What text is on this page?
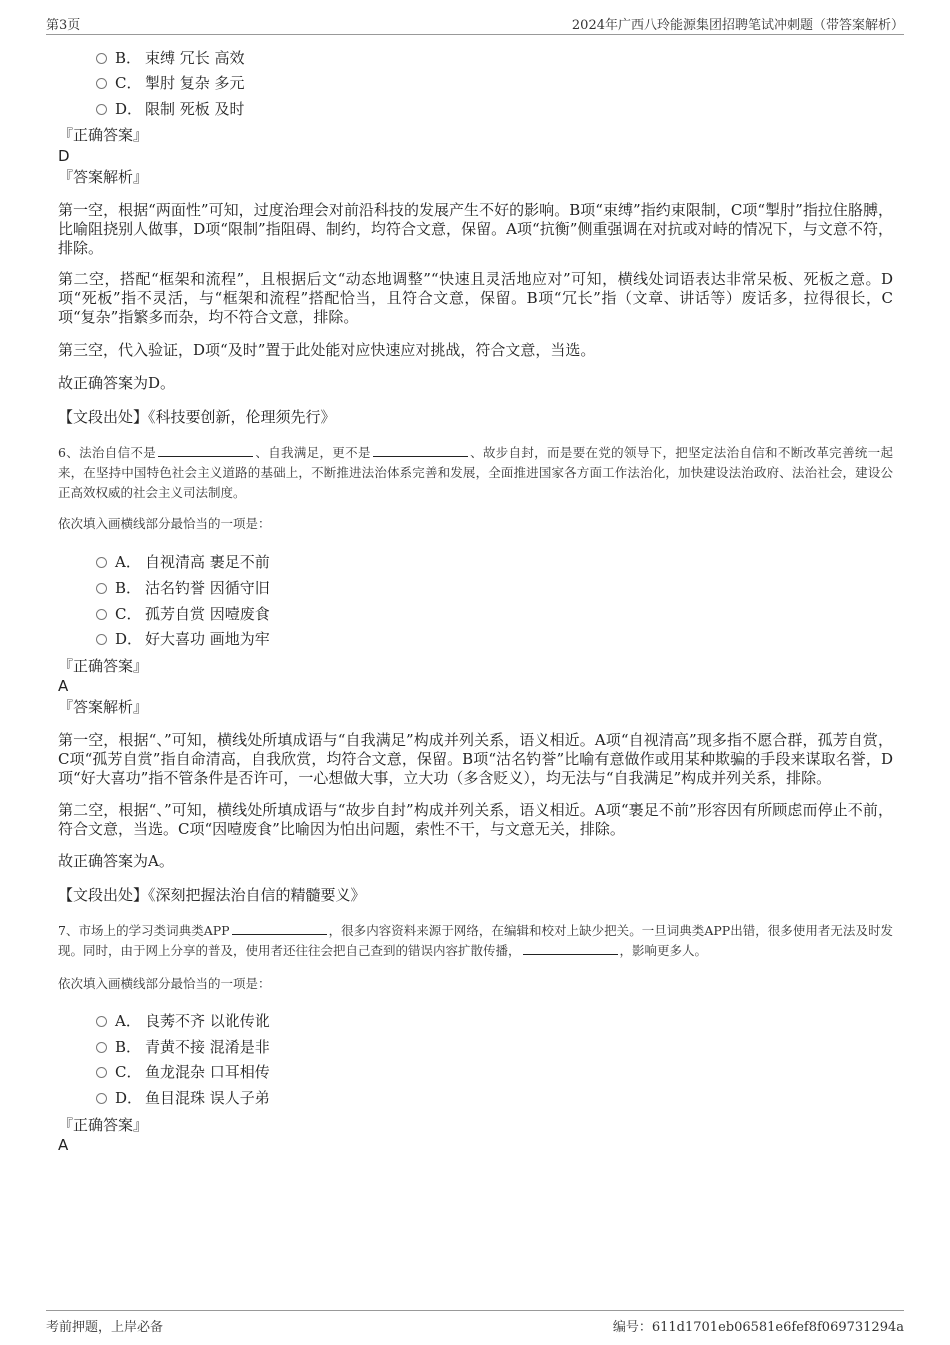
第3页	2024年广西八玲能源集团招聘笔试冲刺题（带答案解析）
B． 束缚 冗长 高效
C． 掣肘 复杂 多元
D． 限制 死板 及时
『正确答案』
D
『答案解析』
第一空，根据“两面性”可知，过度治理会对前沿科技的发展产生不好的影响。B项“束缚”指约束限制，C项“掣肘”指拉住胳膊，比喻阻挠别人做事，D项“限制”指阻碍、制约，均符合文意，保留。A项“抗衡”侧重强调在对抗或对峙的情况下，与文意不符，排除。
第二空，搭配“框架和流程”，且根据后文“动态地调整”“快速且灵活地应对”可知，横线处词语表达非常呆板、死板之意。D项“死板”指不灵活，与“框架和流程”搭配恰当，且符合文意，保留。B项“冗长”指（文章、讲话等）废话多，拉得很长，C项“复杂”指繁多而杂，均不符合文意，排除。
第三空，代入验证，D项“及时”置于此处能对应快速应对挑战，符合文意，当选。
故正确答案为D。
【文段出处】《科技要创新，伦理须先行》
6、法治自信不是	、自我满足，更不是	、故步自封，而是要在党的领导下，把坚定法治自信和不断改革完善统一起来，在坚持中国特色社会主义道路的基础上，不断推进法治体系完善和发展，全面推进国家各方面工作法治化，加快建设法治政府、法治社会，建设公正高效权威的社会主义司法制度。
依次填入画横线部分最恰当的一项是：
A． 自视清高 裹足不前
B． 沽名钓誉 因循守旧
C． 孤芳自赏 因噎废食
D． 好大喜功 画地为牢
『正确答案』
A
『答案解析』
第一空，根据“、”可知，横线处所填成语与“自我满足”构成并列关系，语义相近。A项“自视清高”现多指不愿合群，孤芳自赏，C项“孤芳自赏”指自命清高，自我欣赏，均符合文意，保留。B项“沽名钓誉”比喻有意做作或用某种欺骗的手段来谋取名誉，D项“好大喜功”指不管条件是否许可，一心想做大事，立大功（多含贬义），均无法与“自我满足”构成并列关系，排除。
第二空，根据“、”可知，横线处所填成语与“故步自封”构成并列关系，语义相近。A项“裹足不前”形容因有所顾虑而停止不前，符合文意，当选。C项“因噎废食”比喻因为怕出问题，索性不干，与文意无关，排除。
故正确答案为A。
【文段出处】《深刻把握法治自信的精髓要义》
7、市场上的学习类词典类APP	，很多内容资料来源于网络，在编辑和校对上缺少把关。一旦词典类APP出错，很多使用者无法及时发现。同时，由于网上分享的普及，使用者还往往会把自己查到的错误内容扩散传播，	，影响更多人。
依次填入画横线部分最恰当的一项是：
A． 良莠不齐 以讹传讹
B． 青黄不接 混淆是非
C． 鱼龙混杂 口耳相传
D． 鱼目混珠 误人子弟
『正确答案』
A
考前押题，上岸必备	编号：611d1701eb06581e6fef8f069731294a
